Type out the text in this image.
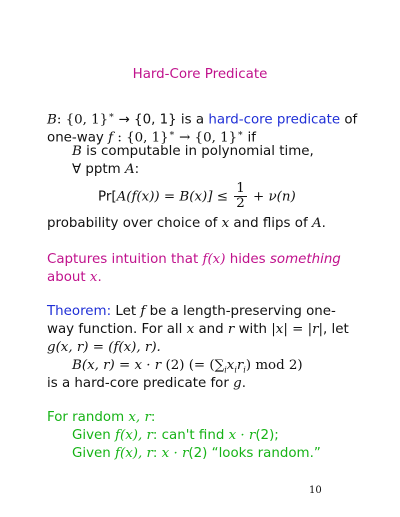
Hard-Core Predicate
B: {0, 1}∗ → {0, 1} is a hard-core predicate of
one-way f : {0, 1}∗ → {0, 1}∗ if
B is computable in polynomial time,
∀ pptm A:
$Pr[A(f(x)) = B(x)] \le \frac{1}{2} + \nu(n)$
probability over choice of x and flips of A.
Captures intuition that f(x) hides something
about x.
Theorem: Let f be a length-preserving one-
way function. For all x and r with |x| = |r|, let
g(x, r) = (f(x), r).
B(x, r) = x · r (2) (= $(\sum_ix_ir_i)$ mod 2)
is a hard-core predicate for g.
For random x, r:
Given f(x), r: can't find x · r(2);
Given f(x), r: x · r(2) “looks random.”
10
